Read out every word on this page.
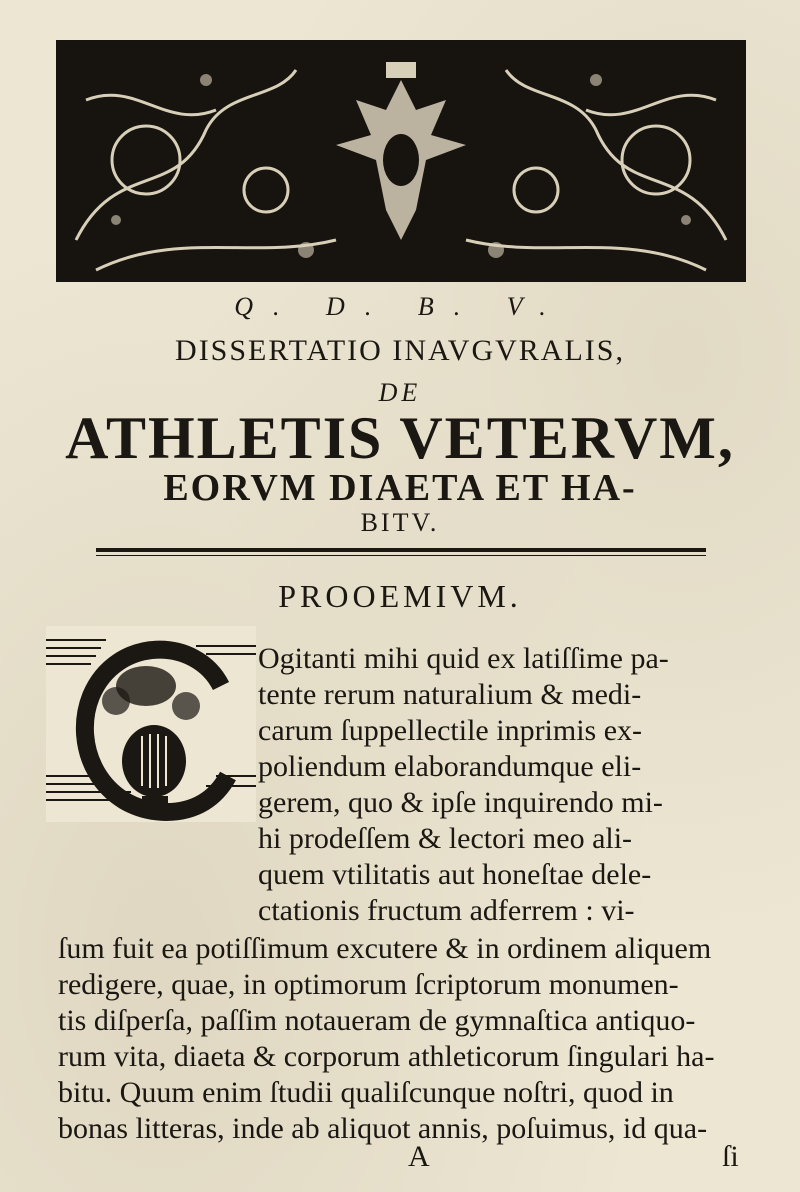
Q. D. B. V.
DISSERTATIO INAVGVRALIS,
DE
ATHLETIS VETERVM,
EORVM DIAETA ET HA-
BITV.
PROOEMIVM.
Ogitanti mihi quid ex latiſſime pa-
tente rerum naturalium & medi-
carum ſuppellectile inprimis ex-
poliendum elaborandumque eli-
gerem, quo & ipſe inquirendo mi-
hi prodeſſem & lectori meo ali-
quem vtilitatis aut honeſtae dele-
ctationis fructum adferrem : vi-
ſum fuit ea potiſſimum excutere & in ordinem aliquem
redigere, quae, in optimorum ſcriptorum monumen-
tis diſperſa, paſſim notaueram de gymnaſtica antiquo-
rum vita, diaeta & corporum athleticorum ſingulari ha-
bitu. Quum enim ſtudii qualiſcunque noſtri, quod in
bonas litteras, inde ab aliquot annis, poſuimus, id qua-
A	ſi
